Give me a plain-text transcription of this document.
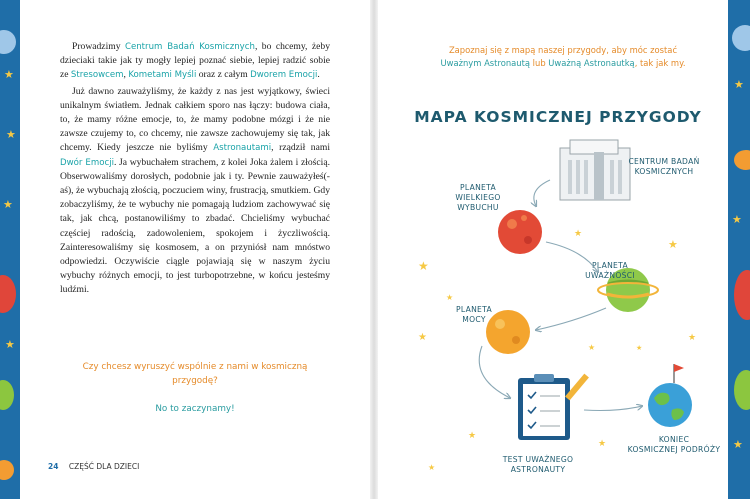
★
★
★
★
★
★
★

Prowadzimy Centrum Badań Kosmicznych, bo chcemy, żeby dzieciaki takie jak ty mogły lepiej poznać siebie, lepiej radzić sobie ze Stresowcem, Kometami Myśli oraz z całym Dworem Emocji.

Już dawno zauważyliśmy, że każdy z nas jest wyjątkowy, świeci unikalnym światłem. Jednak całkiem sporo nas łączy: budowa ciała, to, że mamy różne emocje, to, że mamy podobne mózgi i że nie zawsze czujemy to, co chcemy, nie zawsze zachowujemy się tak, jak chcemy. Kiedy jeszcze nie byliśmy Astronautami, rządził nami Dwór Emocji. Ja wybuchałem strachem, z kolei Joka żalem i złością. Obserwowaliśmy dorosłych, podobnie jak i ty. Pewnie zauważyłeś(-aś), że wybuchają złością, poczuciem winy, frustracją, smutkiem. Gdy zobaczyliśmy, że te wybuchy nie pomagają ludziom zachowywać się tak, jak chcą, postanowiliśmy to zbadać. Chcieliśmy wybuchać częściej radością, zadowoleniem, spokojem i życzliwością. Zainteresowaliśmy się kosmosem, a on przyniósł nam mnóstwo odpowiedzi. Oczywiście ciągle pojawiają się w naszym życiu wybuchy różnych emocji, to jest turbopotrzebne, w końcu jesteśmy ludźmi.

Czy chcesz wyruszyć wspólnie z nami w kosmiczną przygodę?

No to zaczynamy!

24 CZĘŚĆ DLA DZIECI
Zapoznaj się z mapą naszej przygody, aby móc zostać Uważnym Astronautą lub Uważną Astronautką, tak jak my.
MAPA KOSMICZNEJ PRZYGODY
CENTRUM BADAŃ
KOSMICZNYCH
PLANETA
WIELKIEGO
WYBUCHU
PLANETA
UWAŻNOŚCI
PLANETA
MOCY
TEST UWAŻNEGO
ASTRONAUTY
KONIEC
KOSMICZNEJ PODRÓŻY
★
★
★
★
★
★
★
★
★
★
★
